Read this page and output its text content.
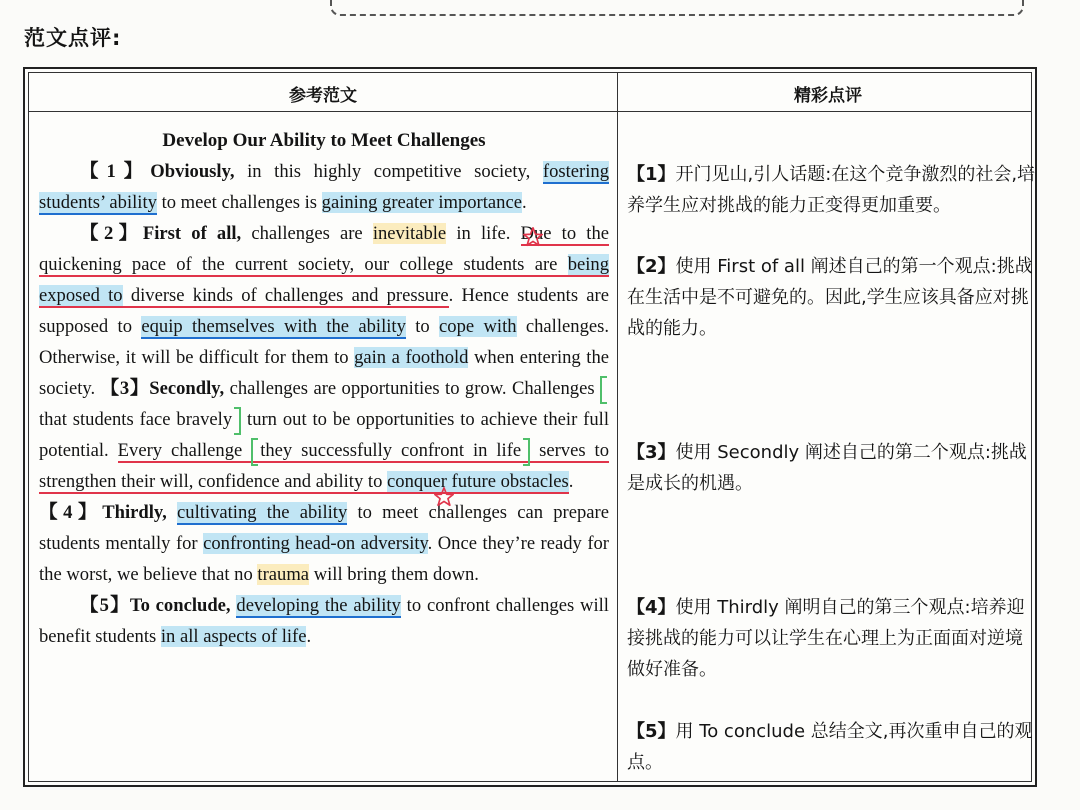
范文点评:
参考范文	精彩点评

Develop Our Ability to Meet Challenges

【1】Obviously, in this highly competitive society, fostering students’ ability to meet challenges is gaining greater importance.

【2】First of all, challenges are inevitable in life. Due to the quickening pace of the current society, our college students are being exposed to diverse kinds of challenges and pressure. Hence students are supposed to equip themselves with the ability to cope with challenges. Otherwise, it will be difficult for them to gain a foothold when entering the society. 【3】Secondly, challenges are opportunities to grow. Challenges that students face bravely turn out to be opportunities to achieve their full potential. Every challenge they successfully confront in life serves to strengthen their will, confidence and ability to conquer future obstacles.

【4】Thirdly, cultivating the ability to meet challenges can prepare students mentally for confronting head-on adversity. Once they’re ready for the worst, we believe that no trauma will bring them down.

【5】To conclude, developing the ability to confront challenges will benefit students in all aspects of life.

【1】开门见山,引人话题:在这个竞争激烈的社会,培养学生应对挑战的能力正变得更加重要。

【2】使用 First of all 阐述自己的第一个观点:挑战在生活中是不可避免的。因此,学生应该具备应对挑战的能力。

【3】使用 Secondly 阐述自己的第二个观点:挑战是成长的机遇。

【4】使用 Thirdly 阐明自己的第三个观点:培养迎接挑战的能力可以让学生在心理上为正面面对逆境做好准备。

【5】用 To conclude 总结全文,再次重申自己的观点。
